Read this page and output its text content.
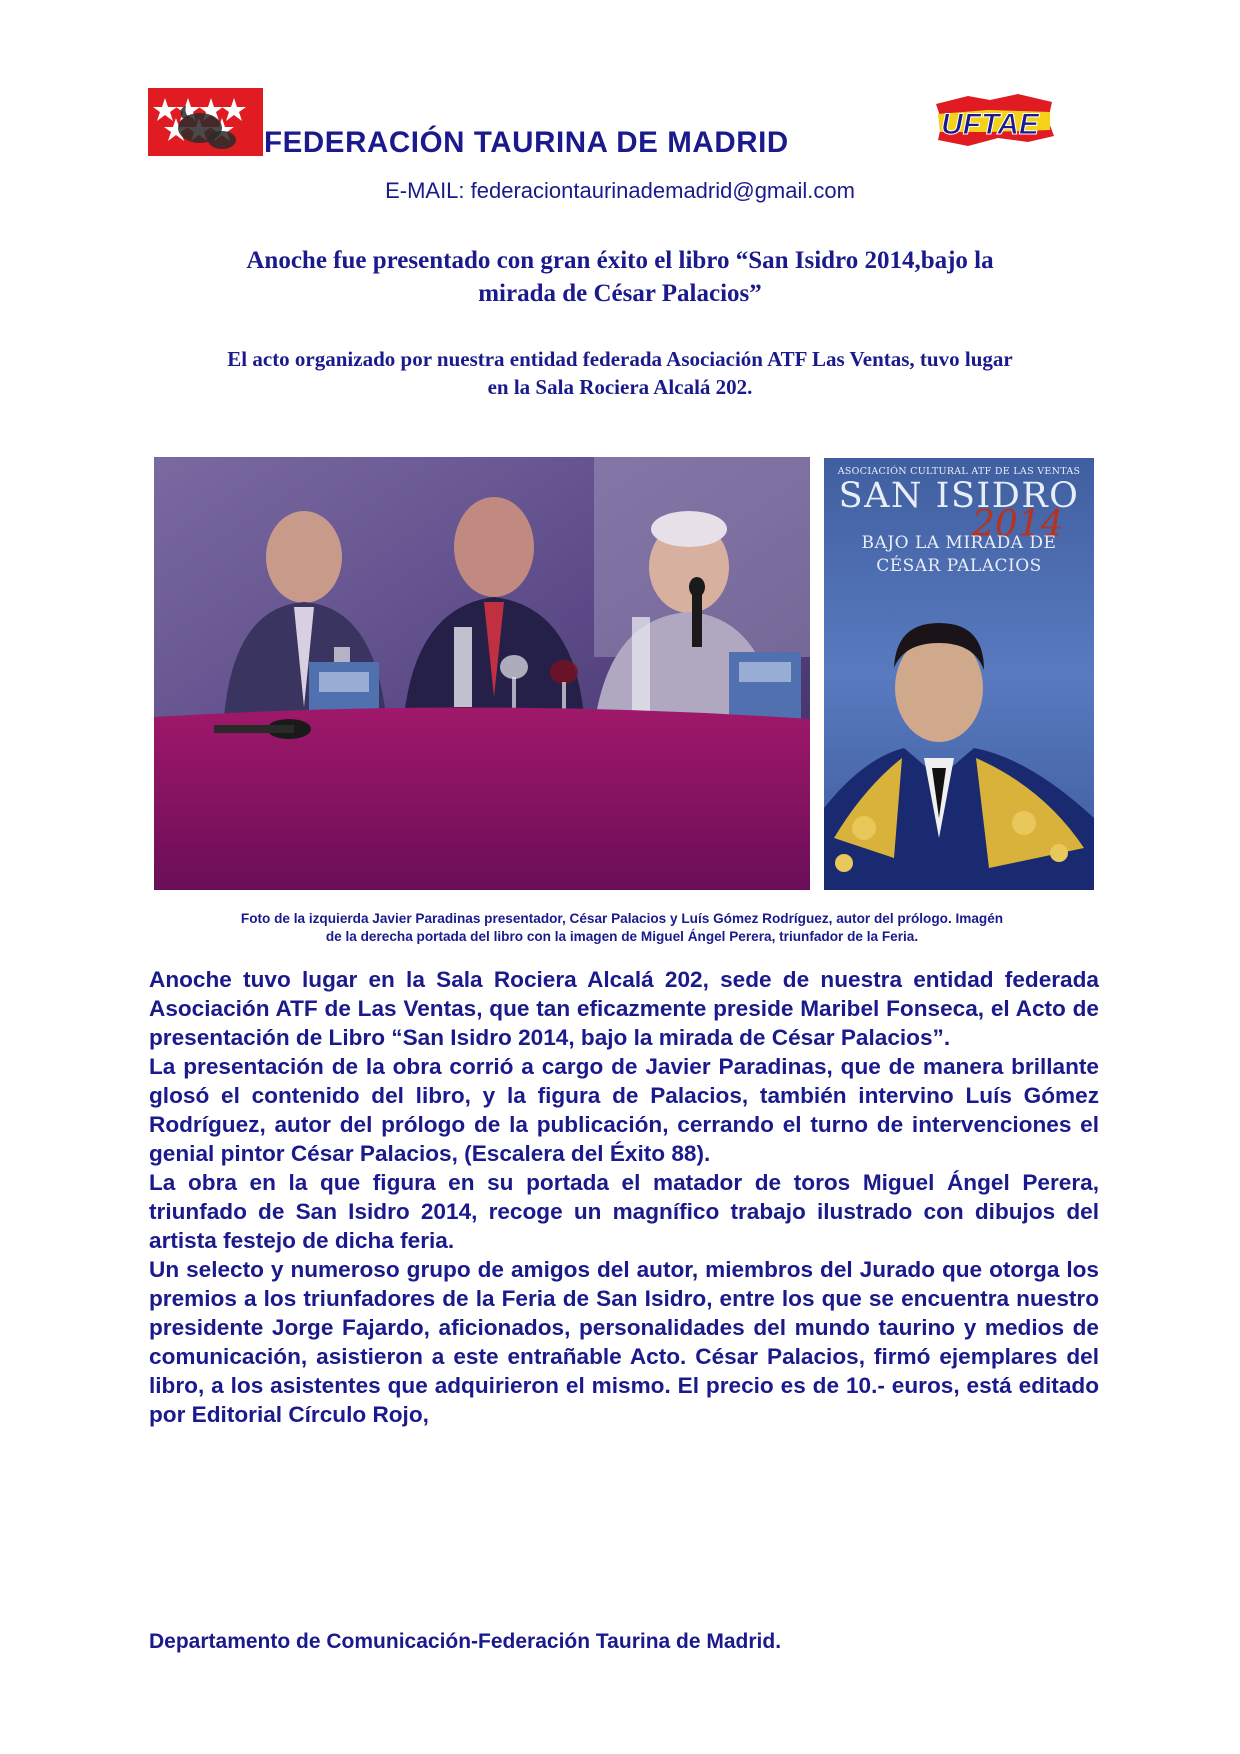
FEDERACIÓN TAURINA DE MADRID
UFTAE
E-MAIL: federaciontaurinademadrid@gmail.com
Anoche fue presentado con gran éxito el libro “San Isidro 2014,bajo la
mirada de César Palacios”
El acto organizado por nuestra entidad federada Asociación ATF Las Ventas, tuvo lugar
en la Sala Rociera Alcalá 202.
ASOCIACIÓN CULTURAL ATF DE LAS VENTAS
SAN ISIDRO
2014
BAJO LA MIRADA DE
CÉSAR PALACIOS
Foto de la izquierda Javier Paradinas presentador, César Palacios y Luís Gómez Rodríguez, autor del prólogo. Imagén
de la derecha portada del libro con la imagen de Miguel Ángel Perera, triunfador de la Feria.

Anoche tuvo lugar en la Sala Rociera Alcalá 202, sede de nuestra entidad federada Asociación ATF de Las Ventas, que tan eficazmente preside Maribel Fonseca, el Acto de presentación de Libro “San Isidro 2014, bajo la mirada de César Palacios”.

La presentación de la obra corrió a cargo de Javier Paradinas, que de manera brillante glosó el contenido del libro, y la figura de Palacios, también intervino Luís Gómez Rodríguez, autor del prólogo de la publicación, cerrando el turno de intervenciones el genial pintor César Palacios, (Escalera del Éxito 88).

La obra en la que figura en su portada el matador de toros Miguel Ángel Perera, triunfado de San Isidro 2014, recoge un magnífico trabajo ilustrado con dibujos del artista festejo de dicha feria.

Un selecto y numeroso grupo de amigos del autor, miembros del Jurado que otorga los premios a los triunfadores de la Feria de San Isidro, entre los que se encuentra nuestro presidente Jorge Fajardo, aficionados, personalidades del mundo taurino y medios de comunicación, asistieron a este entrañable Acto. César Palacios, firmó ejemplares del libro, a los asistentes que adquirieron el mismo. El precio es de 10.- euros, está editado por Editorial Círculo Rojo,

Departamento de Comunicación-Federación Taurina de Madrid.
